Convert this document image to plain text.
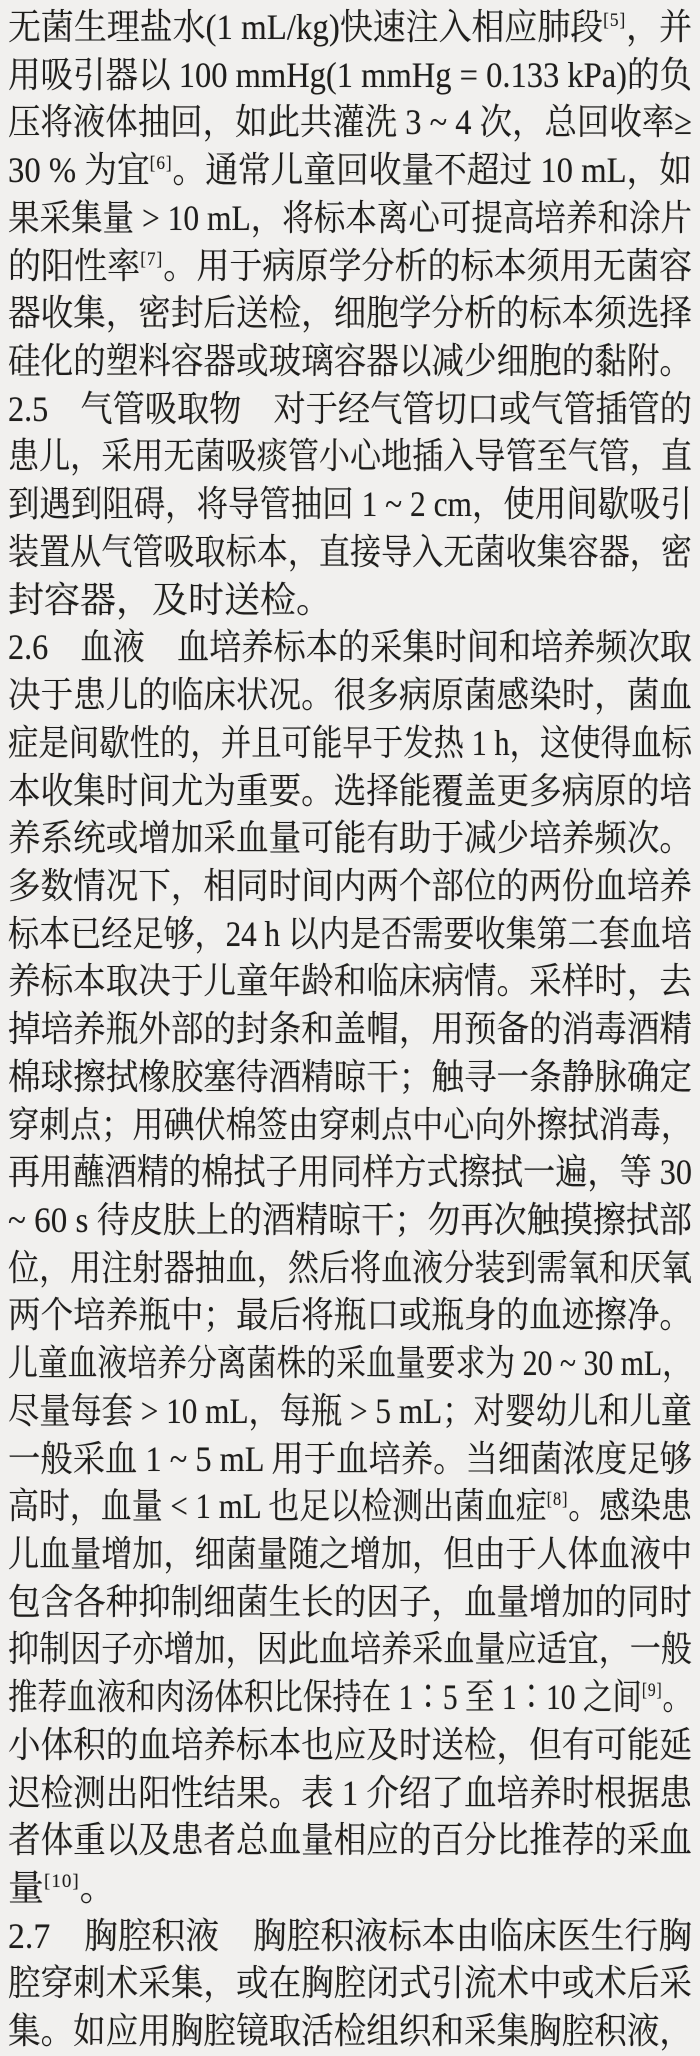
无菌生理盐水(1 mL/kg)快速注入相应肺段[5]，并
用吸引器以 100 mmHg(1 mmHg = 0.133 kPa)的负
压将液体抽回，如此共灌洗 3 ~ 4 次，总回收率≥
30 % 为宜[6]。通常儿童回收量不超过 10 mL，如
果采集量 > 10 mL，将标本离心可提高培养和涂片
的阳性率[7]。用于病原学分析的标本须用无菌容
器收集，密封后送检，细胞学分析的标本须选择
硅化的塑料容器或玻璃容器以减少细胞的黏附。
2.5　气管吸取物　对于经气管切口或气管插管的
患儿，采用无菌吸痰管小心地插入导管至气管，直
到遇到阻碍，将导管抽回 1 ~ 2 cm，使用间歇吸引
装置从气管吸取标本，直接导入无菌收集容器，密
封容器，及时送检。
2.6　血液　血培养标本的采集时间和培养频次取
决于患儿的临床状况。很多病原菌感染时，菌血
症是间歇性的，并且可能早于发热 1 h，这使得血标
本收集时间尤为重要。选择能覆盖更多病原的培
养系统或增加采血量可能有助于减少培养频次。
多数情况下，相同时间内两个部位的两份血培养
标本已经足够，24 h 以内是否需要收集第二套血培
养标本取决于儿童年龄和临床病情。采样时，去
掉培养瓶外部的封条和盖帽，用预备的消毒酒精
棉球擦拭橡胶塞待酒精晾干；触寻一条静脉确定
穿刺点；用碘伏棉签由穿刺点中心向外擦拭消毒，
再用蘸酒精的棉拭子用同样方式擦拭一遍，等 30
~ 60 s 待皮肤上的酒精晾干；勿再次触摸擦拭部
位，用注射器抽血，然后将血液分装到需氧和厌氧
两个培养瓶中；最后将瓶口或瓶身的血迹擦净。
儿童血液培养分离菌株的采血量要求为 20 ~ 30 mL，
尽量每套 > 10 mL，每瓶 > 5 mL；对婴幼儿和儿童
一般采血 1 ~ 5 mL 用于血培养。当细菌浓度足够
高时，血量 < 1 mL 也足以检测出菌血症[8]。感染患
儿血量增加，细菌量随之增加，但由于人体血液中
包含各种抑制细菌生长的因子，血量增加的同时
抑制因子亦增加，因此血培养采血量应适宜，一般
推荐血液和肉汤体积比保持在 1∶5 至 1∶10 之间[9]。
小体积的血培养标本也应及时送检，但有可能延
迟检测出阳性结果。表 1 介绍了血培养时根据患
者体重以及患者总血量相应的百分比推荐的采血
量[10]。
2.7　胸腔积液　胸腔积液标本由临床医生行胸
腔穿刺术采集，或在胸腔闭式引流术中或术后采
集。如应用胸腔镜取活检组织和采集胸腔积液，
